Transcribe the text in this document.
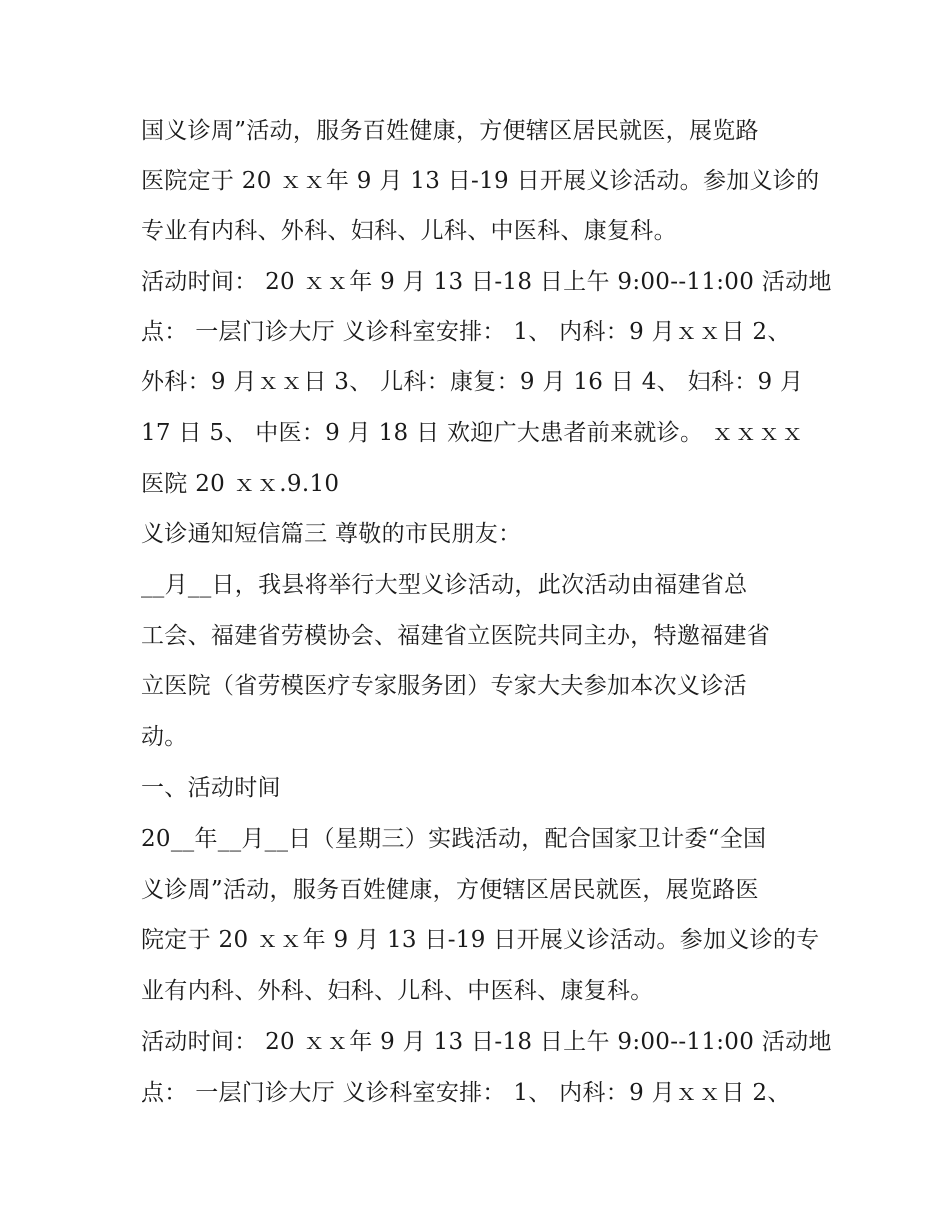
国义诊周”活动，服务百姓健康，方便辖区居民就医，展览路
医院定于 20 ｘｘ年 9 月 13 日-19 日开展义诊活动。参加义诊的
专业有内科、外科、妇科、儿科、中医科、康复科。
活动时间： 20 ｘｘ年 9 月 13 日-18 日上午 9:00--11:00 活动地
点： 一层门诊大厅 义诊科室安排： 1、 内科：9 月ｘｘ日 2、
外科：9 月ｘｘ日 3、 儿科：康复：9 月 16 日 4、 妇科：9 月
17 日 5、 中医：9 月 18 日 欢迎广大患者前来就诊。 ｘｘｘｘ
医院 20 ｘｘ.9.10
义诊通知短信篇三 尊敬的市民朋友：
__月__日，我县将举行大型义诊活动，此次活动由福建省总
工会、福建省劳模协会、福建省立医院共同主办，特邀福建省
立医院（省劳模医疗专家服务团）专家大夫参加本次义诊活
动。
一、活动时间
20__年__月__日（星期三）实践活动，配合国家卫计委“全国
义诊周”活动，服务百姓健康，方便辖区居民就医，展览路医
院定于 20 ｘｘ年 9 月 13 日-19 日开展义诊活动。参加义诊的专
业有内科、外科、妇科、儿科、中医科、康复科。
活动时间： 20 ｘｘ年 9 月 13 日-18 日上午 9:00--11:00 活动地
点： 一层门诊大厅 义诊科室安排： 1、 内科：9 月ｘｘ日 2、
